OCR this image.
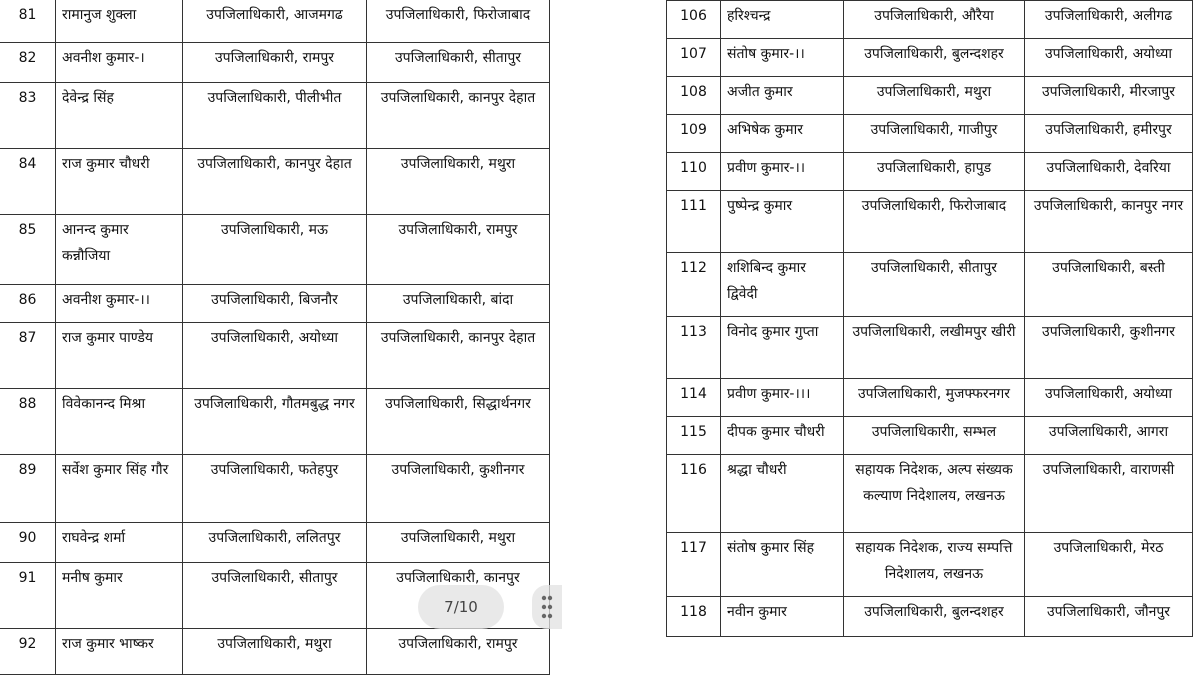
81	रामानुज शुक्ला	उपजिलाधिकारी, आजमगढ	उपजिलाधिकारी, फिरोजाबाद
82	अवनीश कुमार-।	उपजिलाधिकारी, रामपुर	उपजिलाधिकारी, सीतापुर
83	देवेन्द्र सिंह	उपजिलाधिकारी, पीलीभीत	उपजिलाधिकारी, कानपुर देहात
84	राज कुमार चौधरी	उपजिलाधिकारी, कानपुर देहात	उपजिलाधिकारी, मथुरा
85	आनन्द कुमार कन्नौजिया	उपजिलाधिकारी, मऊ	उपजिलाधिकारी, रामपुर
86	अवनीश कुमार-।।	उपजिलाधिकारी, बिजनौर	उपजिलाधिकारी, बांदा
87	राज कुमार पाण्डेय	उपजिलाधिकारी, अयोध्या	उपजिलाधिकारी, कानपुर देहात
88	विवेकानन्द मिश्रा	उपजिलाधिकारी, गौतमबुद्ध नगर	उपजिलाधिकारी, सिद्धार्थनगर
89	सर्वेश कुमार सिंह गौर	उपजिलाधिकारी, फतेहपुर	उपजिलाधिकारी, कुशीनगर
90	राघवेन्द्र शर्मा	उपजिलाधिकारी, ललितपुर	उपजिलाधिकारी, मथुरा
91	मनीष कुमार	उपजिलाधिकारी, सीतापुर	उपजिलाधिकारी, कानपुर
92	राज कुमार भाष्कर	उपजिलाधिकारी, मथुरा	उपजिलाधिकारी, रामपुर
106	हरिश्चन्द्र	उपजिलाधिकारी, औरैया	उपजिलाधिकारी, अलीगढ
107	संतोष कुमार-।।	उपजिलाधिकारी, बुलन्दशहर	उपजिलाधिकारी, अयोध्या
108	अजीत कुमार	उपजिलाधिकारी, मथुरा	उपजिलाधिकारी, मीरजापुर
109	अभिषेक कुमार	उपजिलाधिकारी, गाजीपुर	उपजिलाधिकारी, हमीरपुर
110	प्रवीण कुमार-।।	उपजिलाधिकारी, हापुड	उपजिलाधिकारी, देवरिया
111	पुष्पेन्द्र कुमार	उपजिलाधिकारी, फिरोजाबाद	उपजिलाधिकारी, कानपुर नगर
112	शशिबिन्द कुमार द्विवेदी	उपजिलाधिकारी, सीतापुर	उपजिलाधिकारी, बस्ती
113	विनोद कुमार गुप्ता	उपजिलाधिकारी, लखीमपुर खीरी	उपजिलाधिकारी, कुशीनगर
114	प्रवीण कुमार-।।।	उपजिलाधिकारी, मुजफ्फरनगर	उपजिलाधिकारी, अयोध्या
115	दीपक कुमार चौधरी	उपजिलाधिकारीा, सम्भल	उपजिलाधिकारी, आगरा
116	श्रद्धा चौधरी	सहायक निदेशक, अल्प संख्यक कल्याण निदेशालय, लखनऊ	उपजिलाधिकारी, वाराणसी
117	संतोष कुमार सिंह	सहायक निदेशक, राज्य सम्पत्ति निदेशालय, लखनऊ	उपजिलाधिकारी, मेरठ
118	नवीन कुमार	उपजिलाधिकारी, बुलन्दशहर	उपजिलाधिकारी, जौनपुर
7/10
